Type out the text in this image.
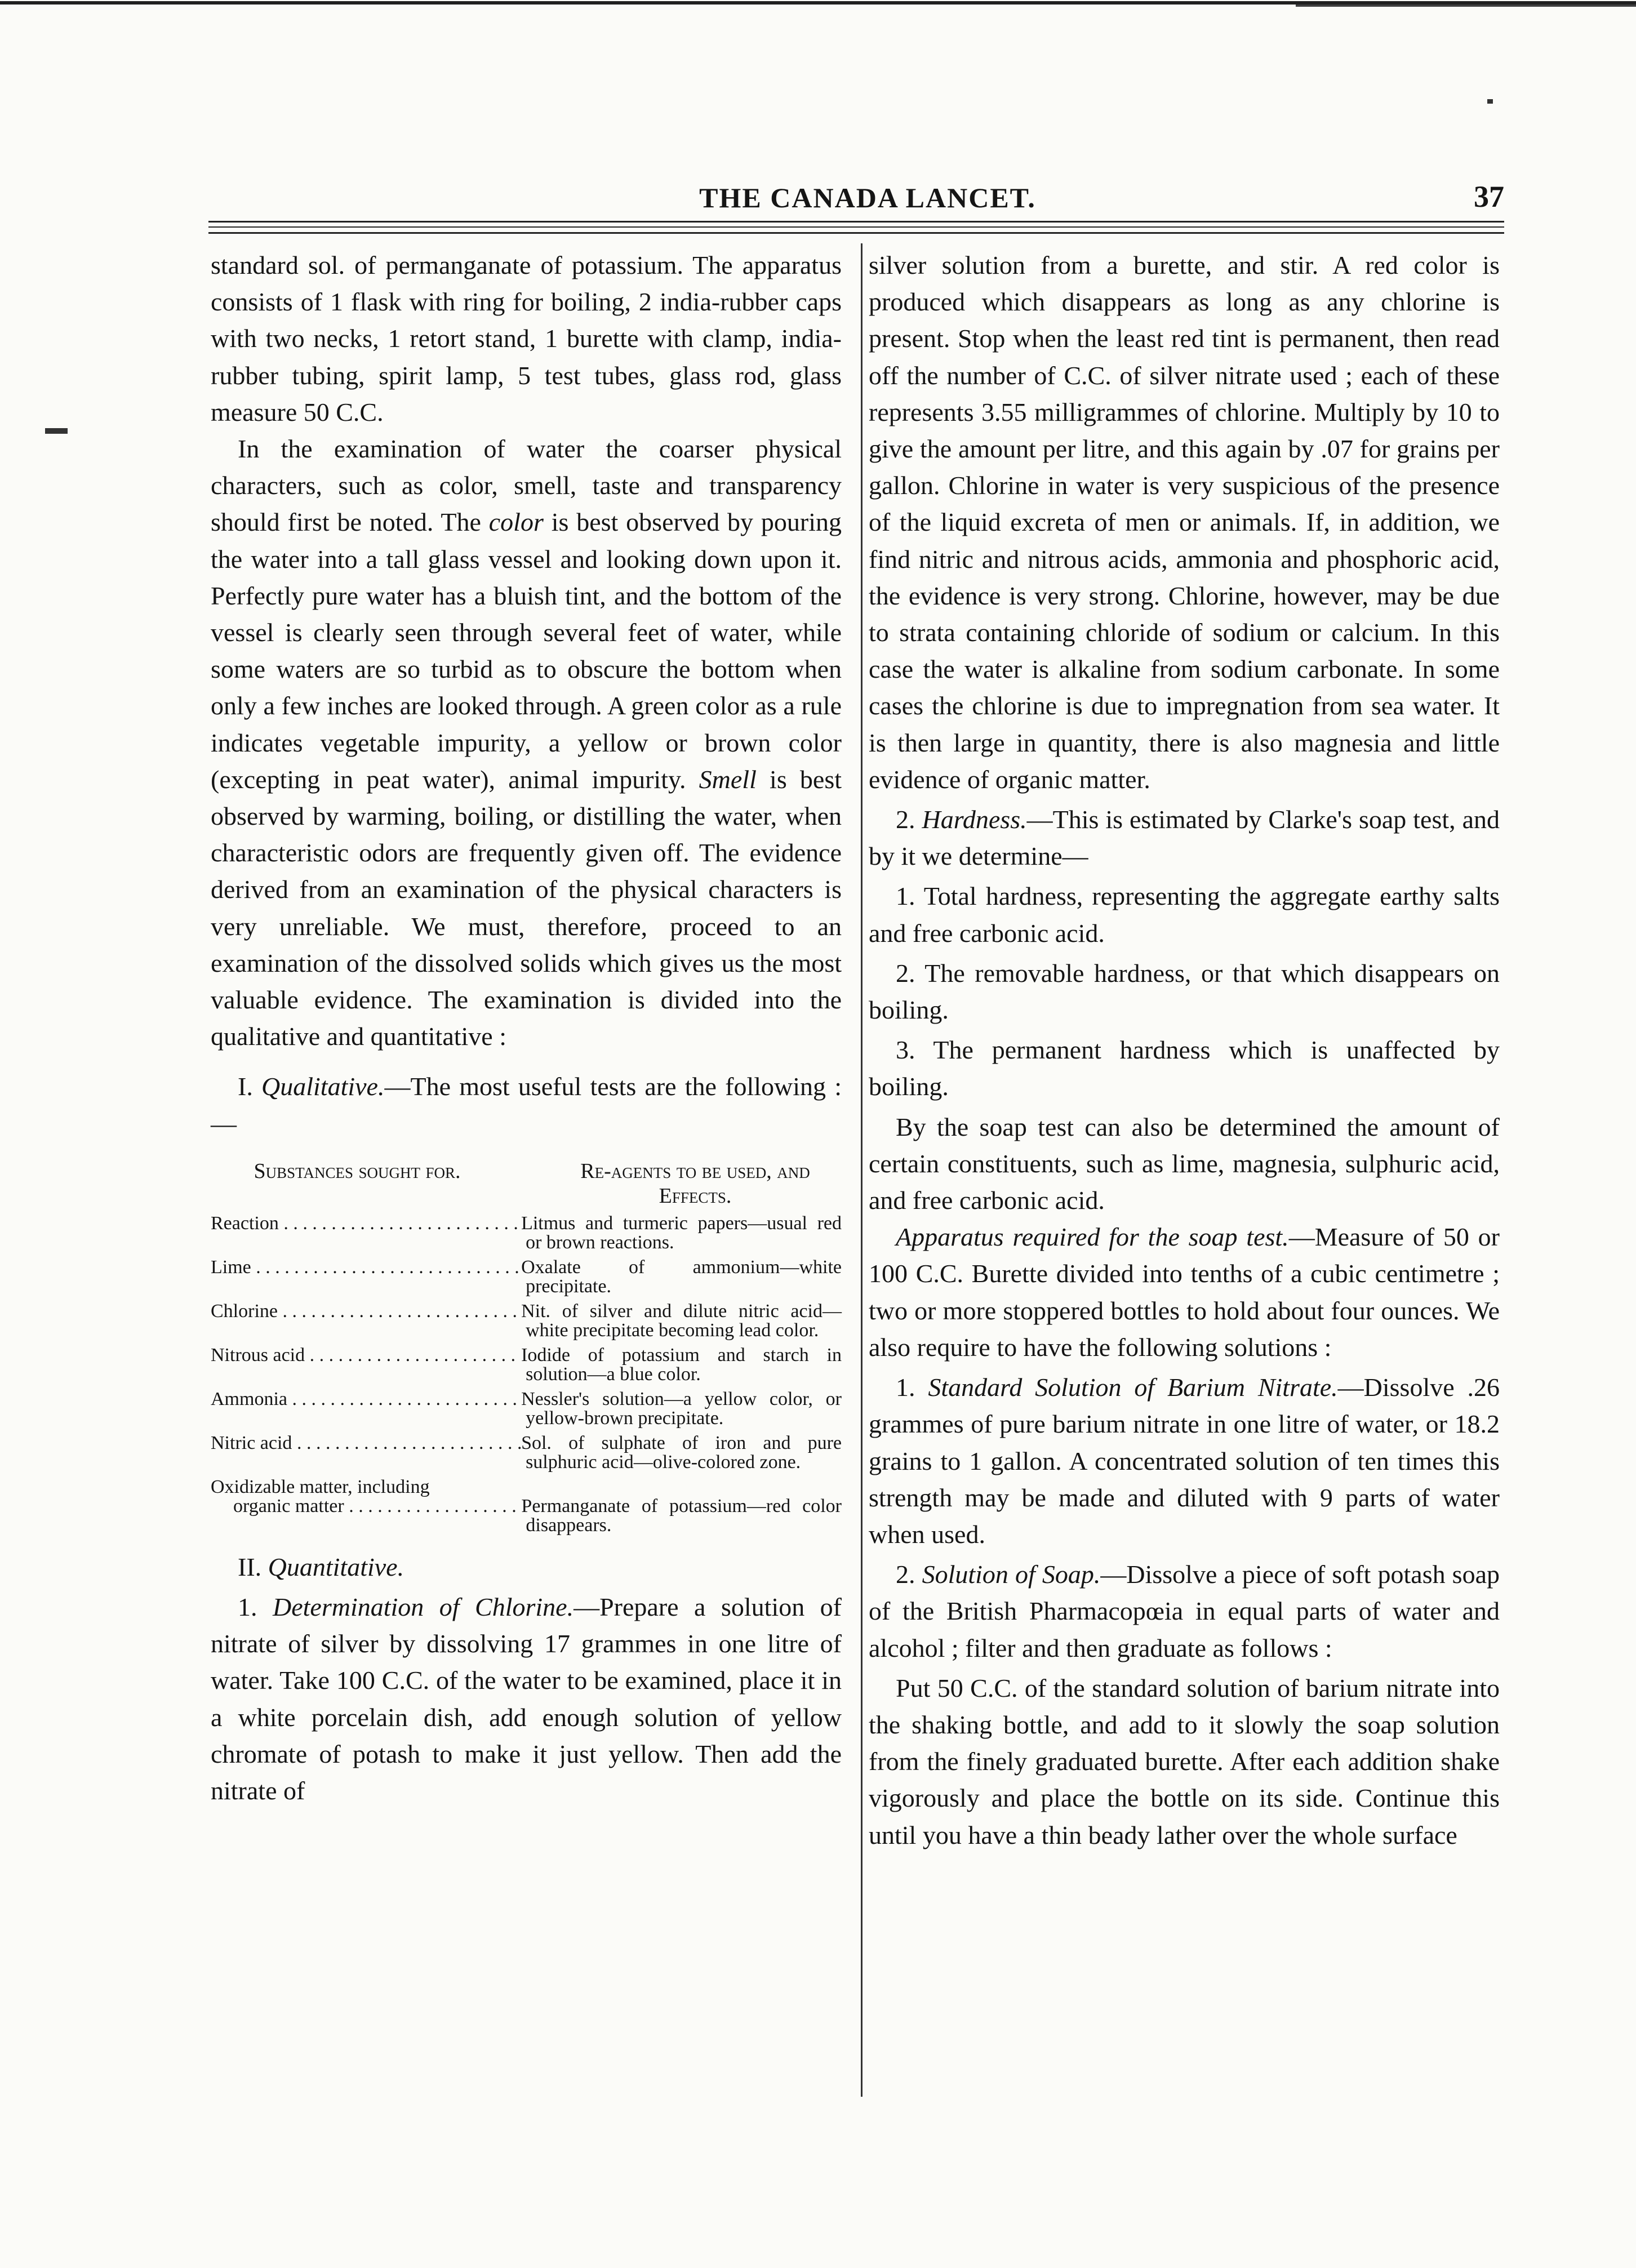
THE CANADA LANCET.	37

standard sol. of permanganate of potassium. The apparatus consists of 1 flask with ring for boiling, 2 india-rubber caps with two necks, 1 retort stand, 1 burette with clamp, india-rubber tubing, spirit lamp, 5 test tubes, glass rod, glass measure 50 C.C.

In the examination of water the coarser physical characters, such as color, smell, taste and transparency should first be noted. The color is best observed by pouring the water into a tall glass vessel and looking down upon it. Perfectly pure water has a bluish tint, and the bottom of the vessel is clearly seen through several feet of water, while some waters are so turbid as to obscure the bottom when only a few inches are looked through. A green color as a rule indicates vegetable impurity, a yellow or brown color (excepting in peat water), animal impurity. Smell is best observed by warming, boiling, or distilling the water, when characteristic odors are frequently given off. The evidence derived from an examination of the physical characters is very unreliable. We must, therefore, proceed to an examination of the dissolved solids which gives us the most valuable evidence. The examination is divided into the qualitative and quantitative :

I. Qualitative.—The most useful tests are the following :—

Substances sought for.	Re-agents to be used, and Effects.
Reaction . . .	Litmus and turmeric papers—usual red or brown reactions.
Lime . . .	Oxalate of ammonium—white precipitate.
Chlorine . . .	Nit. of silver and dilute nitric acid—white precipitate becoming lead color.
Nitrous acid . . .	Iodide of potassium and starch in solution—a blue color.
Ammonia . . .	Nessler's solution—a yellow color, or yellow-brown precipitate.
Nitric acid . . .	Sol. of sulphate of iron and pure sulphuric acid—olive-colored zone.
Oxidizable matter, including
organic matter . . .	Permanganate of potassium—red color disappears.

II. Quantitative.

1. Determination of Chlorine.—Prepare a solution of nitrate of silver by dissolving 17 grammes in one litre of water. Take 100 C.C. of the water to be examined, place it in a white porcelain dish, add enough solution of yellow chromate of potash to make it just yellow. Then add the nitrate of

silver solution from a burette, and stir. A red color is produced which disappears as long as any chlorine is present. Stop when the least red tint is permanent, then read off the number of C.C. of silver nitrate used ; each of these represents 3.55 milligrammes of chlorine. Multiply by 10 to give the amount per litre, and this again by .07 for grains per gallon. Chlorine in water is very suspicious of the presence of the liquid excreta of men or animals. If, in addition, we find nitric and nitrous acids, ammonia and phosphoric acid, the evidence is very strong. Chlorine, however, may be due to strata containing chloride of sodium or calcium. In this case the water is alkaline from sodium carbonate. In some cases the chlorine is due to impregnation from sea water. It is then large in quantity, there is also magnesia and little evidence of organic matter.

2. Hardness.—This is estimated by Clarke's soap test, and by it we determine—

1. Total hardness, representing the aggregate earthy salts and free carbonic acid.

2. The removable hardness, or that which disappears on boiling.

3. The permanent hardness which is unaffected by boiling.

By the soap test can also be determined the amount of certain constituents, such as lime, magnesia, sulphuric acid, and free carbonic acid.

Apparatus required for the soap test.—Measure of 50 or 100 C.C. Burette divided into tenths of a cubic centimetre ; two or more stoppered bottles to hold about four ounces. We also require to have the following solutions :

1. Standard Solution of Barium Nitrate.—Dissolve .26 grammes of pure barium nitrate in one litre of water, or 18.2 grains to 1 gallon. A concentrated solution of ten times this strength may be made and diluted with 9 parts of water when used.

2. Solution of Soap.—Dissolve a piece of soft potash soap of the British Pharmacopœia in equal parts of water and alcohol ; filter and then graduate as follows :

Put 50 C.C. of the standard solution of barium nitrate into the shaking bottle, and add to it slowly the soap solution from the finely graduated burette. After each addition shake vigorously and place the bottle on its side. Continue this until you have a thin beady lather over the whole surface
